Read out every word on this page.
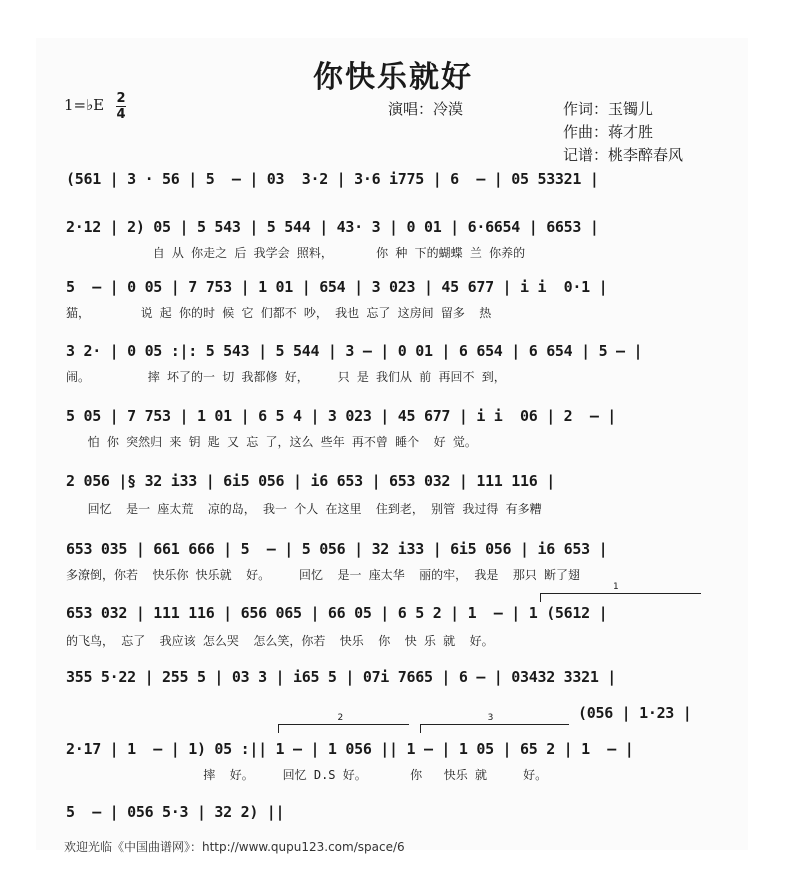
你快乐就好
1=♭E 2
4	演唱：冷漠	作词：玉镯儿
作曲：蒋才胜
记谱：桃李醉春风
(561 | 3 · 56 | 5  – | 03  3·2 | 3·6 i775 | 6  – | 05 53321 |
2·12 | 2) 05 | 5 543 | 5 544 | 43· 3 | 0 01 | 6·6654 | 6653 |
自 从 你走之 后 我学会 照料，      你 种 下的蝴蝶 兰 你养的
5  – | 0 05 | 7 753 | 1 01 | 654 | 3 023 | 45 677 | i i  0·1 |
猫，       说 起 你的时 候 它 们都不 吵， 我也 忘了 这房间 留多  热
3 2· | 0 05 :|: 5 543 | 5 544 | 3 – | 0 01 | 6 654 | 6 654 | 5 – |
闹。        摔 坏了的一 切 我都修 好，    只 是 我们从 前 再回不 到，
5 05 | 7 753 | 1 01 | 6 5 4 | 3 023 | 45 677 | i i  06 | 2  – |
怕 你 突然归 来 钥 匙 又 忘 了，这么 些年 再不曾 睡个  好 觉。
2 056 |§ 32 i33 | 6i5 056 | i6 653 | 653 032 | 111 116 |
回忆  是一 座太荒  凉的岛， 我一 个人 在这里  住到老， 别管 我过得 有多糟
653 035 | 661 666 | 5  – | 5 056 | 32 i33 | 6i5 056 | i6 653 |
多潦倒，你若  快乐你 快乐就  好。    回忆  是一 座太华  丽的牢， 我是  那只 断了翅
1
653 032 | 111 116 | 656 065 | 66 05 | 6 5 2 | 1  – | 1 (5612 |
的飞鸟， 忘了  我应该 怎么哭  怎么笑，你若  快乐  你  快 乐 就  好。
355 5·22 | 255 5 | 03 3 | i65 5 | 07i 7665 | 6 – | 03432 3321 |
(056 | 1·23 |
2	3
2·17 | 1  – | 1) 05 :|| 1 – | 1 056 || 1 – | 1 05 | 65 2 | 1  – |
摔  好。    回忆 D.S 好。      你   快乐 就     好。
5  – | 056 5·3 | 32 2) ||
欢迎光临《中国曲谱网》：http://www.qupu123.com/space/6
